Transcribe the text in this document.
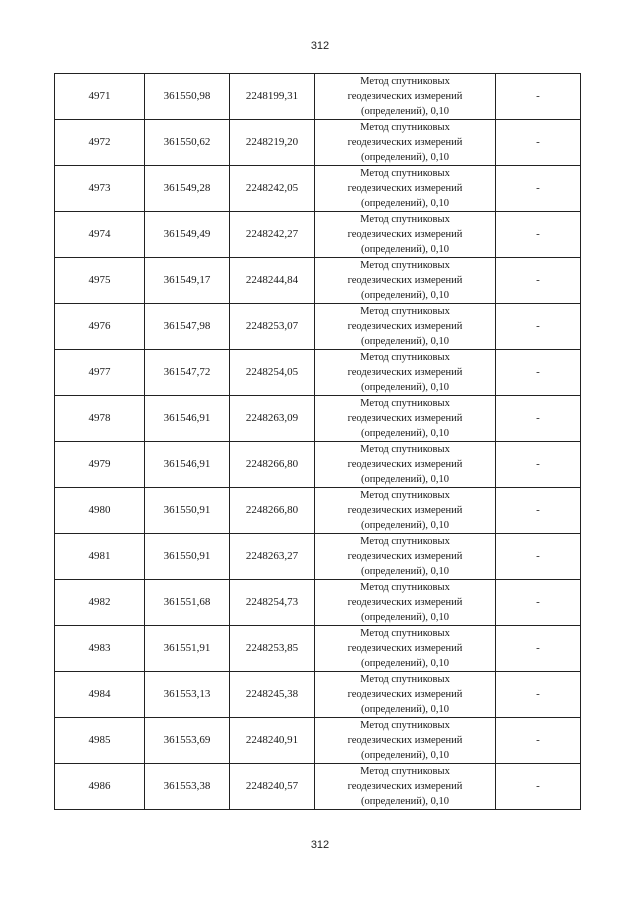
312
4971	361550,98	2248199,31	Метод спутниковых
геодезических измерений
(определений), 0,10	-
4972	361550,62	2248219,20	Метод спутниковых
геодезических измерений
(определений), 0,10	-
4973	361549,28	2248242,05	Метод спутниковых
геодезических измерений
(определений), 0,10	-
4974	361549,49	2248242,27	Метод спутниковых
геодезических измерений
(определений), 0,10	-
4975	361549,17	2248244,84	Метод спутниковых
геодезических измерений
(определений), 0,10	-
4976	361547,98	2248253,07	Метод спутниковых
геодезических измерений
(определений), 0,10	-
4977	361547,72	2248254,05	Метод спутниковых
геодезических измерений
(определений), 0,10	-
4978	361546,91	2248263,09	Метод спутниковых
геодезических измерений
(определений), 0,10	-
4979	361546,91	2248266,80	Метод спутниковых
геодезических измерений
(определений), 0,10	-
4980	361550,91	2248266,80	Метод спутниковых
геодезических измерений
(определений), 0,10	-
4981	361550,91	2248263,27	Метод спутниковых
геодезических измерений
(определений), 0,10	-
4982	361551,68	2248254,73	Метод спутниковых
геодезических измерений
(определений), 0,10	-
4983	361551,91	2248253,85	Метод спутниковых
геодезических измерений
(определений), 0,10	-
4984	361553,13	2248245,38	Метод спутниковых
геодезических измерений
(определений), 0,10	-
4985	361553,69	2248240,91	Метод спутниковых
геодезических измерений
(определений), 0,10	-
4986	361553,38	2248240,57	Метод спутниковых
геодезических измерений
(определений), 0,10	-
312
